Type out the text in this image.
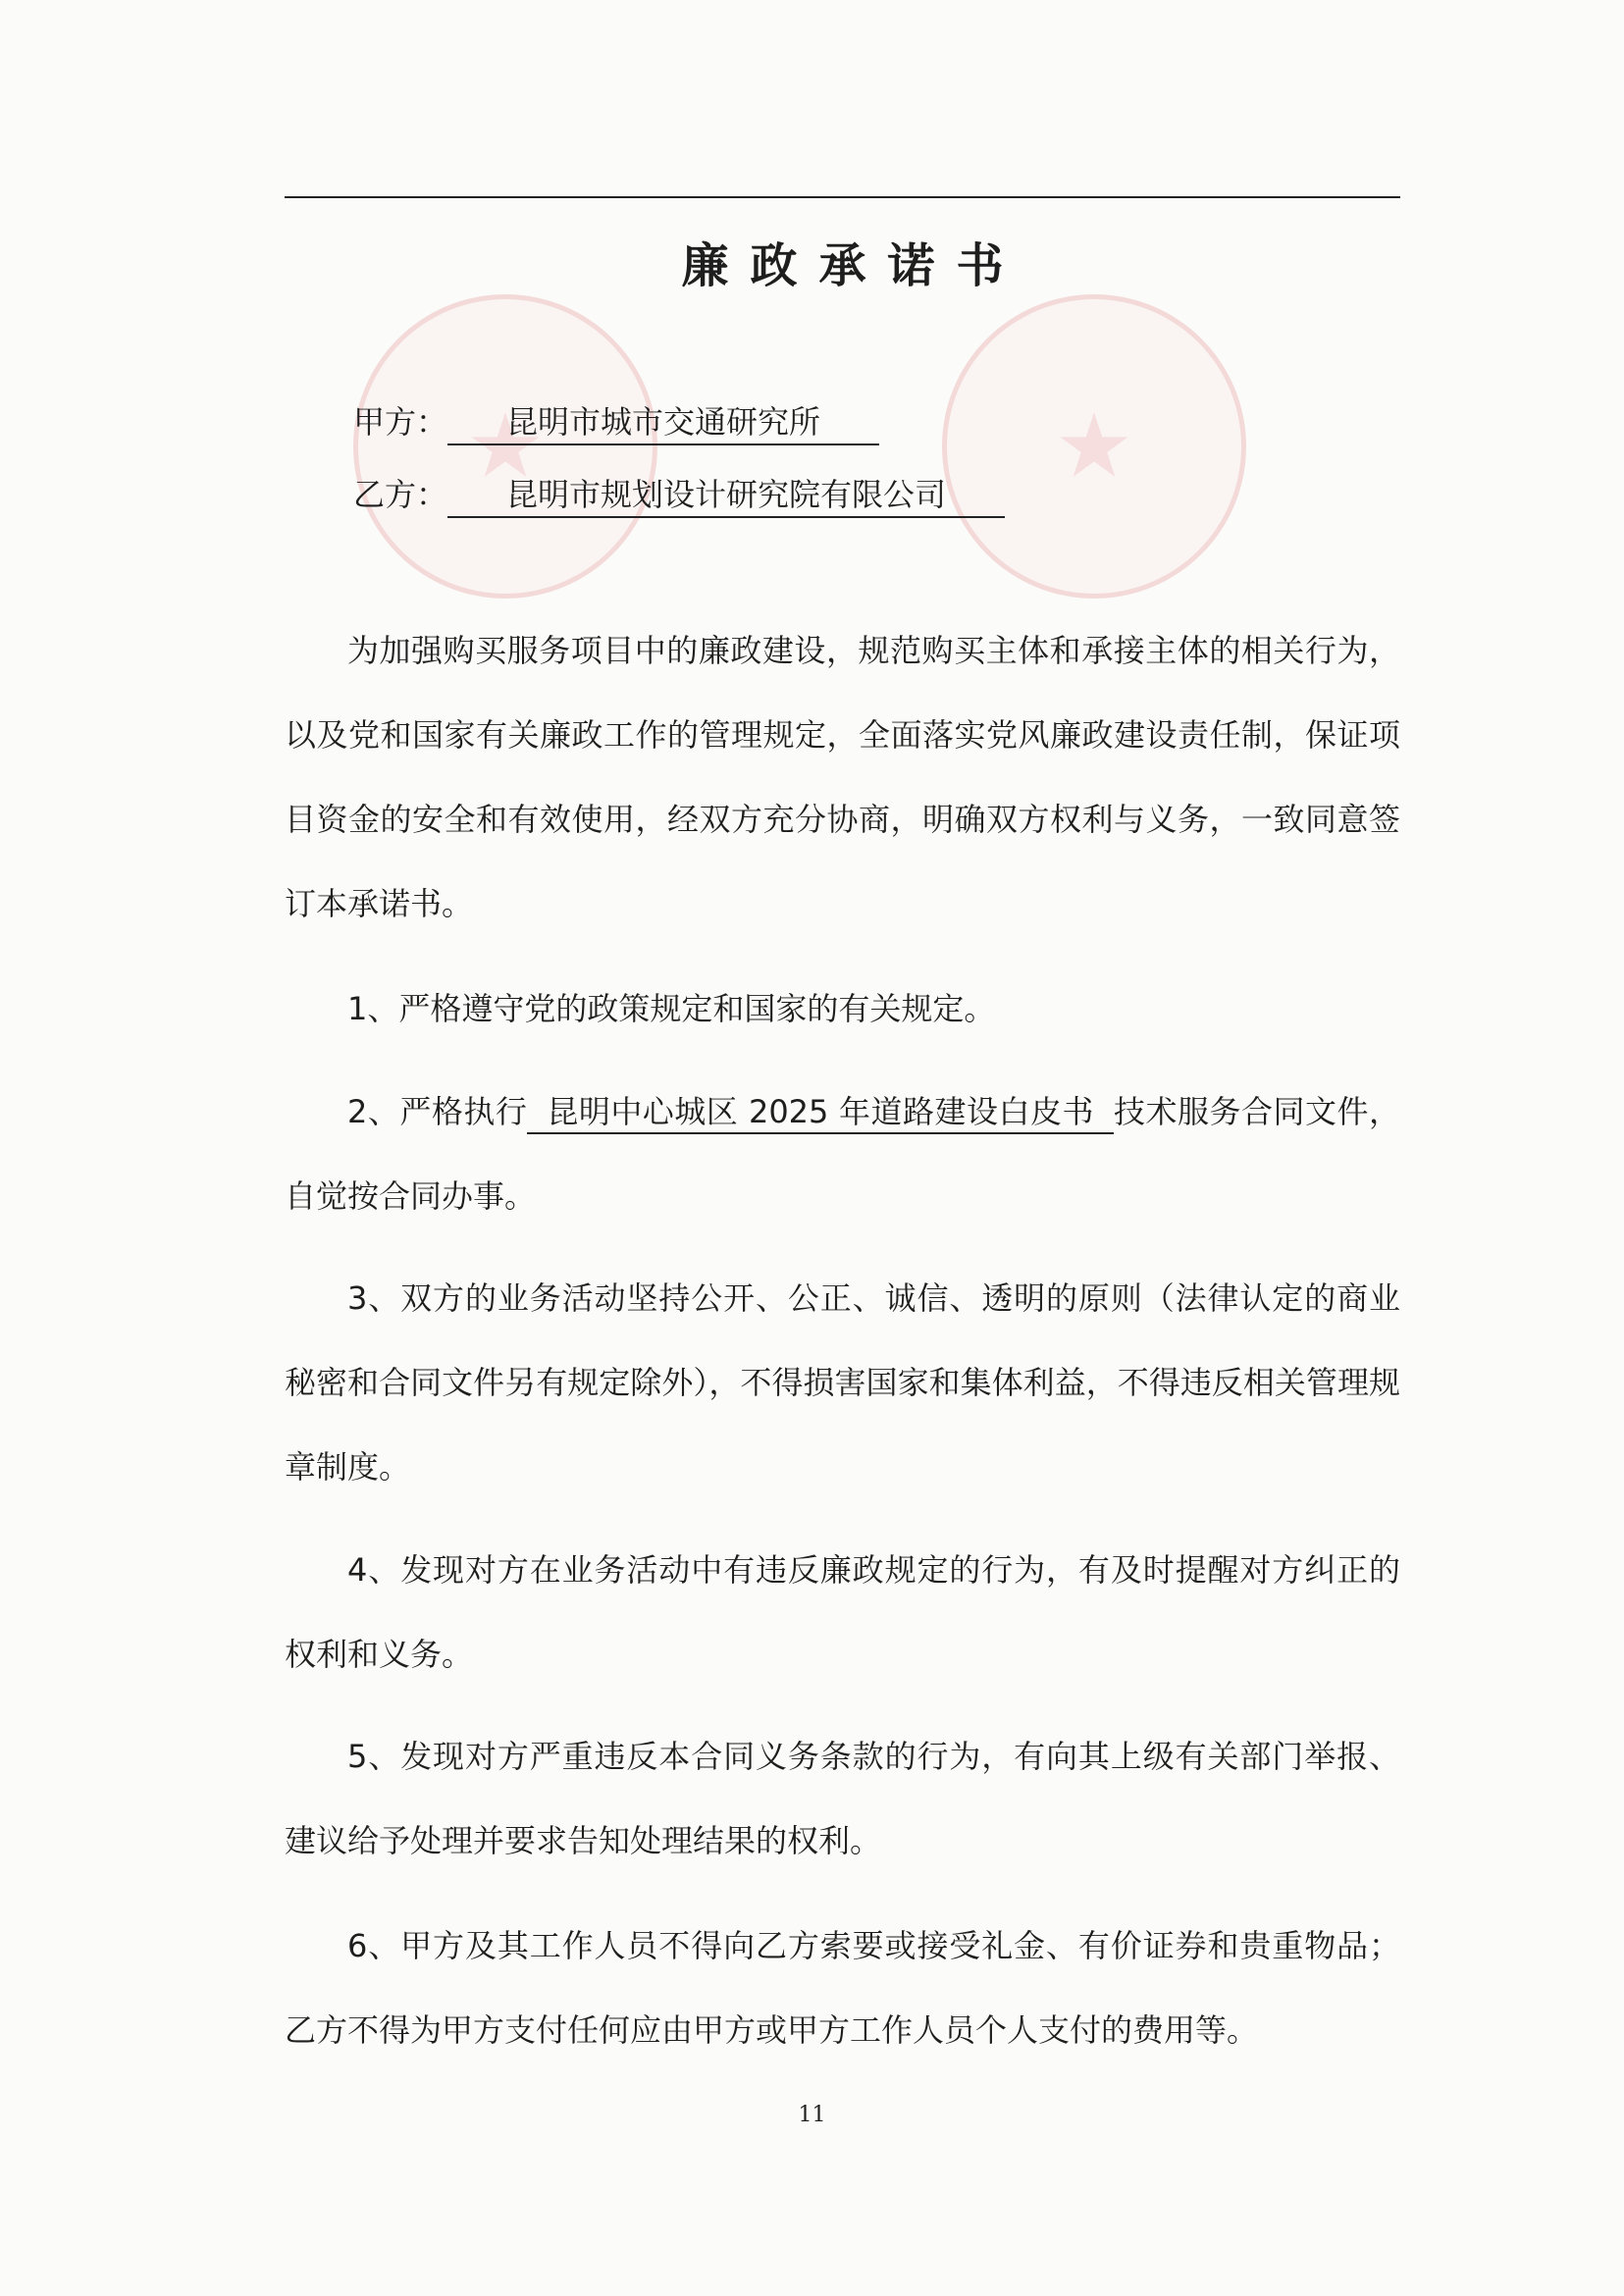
★	★
廉政承诺书
甲方： 昆明市城市交通研究所
乙方： 昆明市规划设计研究院有限公司

为加强购买服务项目中的廉政建设，规范购买主体和承接主体的相关行为，以及党和国家有关廉政工作的管理规定，全面落实党风廉政建设责任制，保证项目资金的安全和有效使用，经双方充分协商，明确双方权利与义务，一致同意签订本承诺书。

1、严格遵守党的政策规定和国家的有关规定。

2、严格执行 昆明中心城区 2025 年道路建设白皮书 技术服务合同文件，自觉按合同办事。

3、双方的业务活动坚持公开、公正、诚信、透明的原则（法律认定的商业秘密和合同文件另有规定除外），不得损害国家和集体利益，不得违反相关管理规章制度。

4、发现对方在业务活动中有违反廉政规定的行为，有及时提醒对方纠正的权利和义务。

5、发现对方严重违反本合同义务条款的行为，有向其上级有关部门举报、建议给予处理并要求告知处理结果的权利。

6、甲方及其工作人员不得向乙方索要或接受礼金、有价证券和贵重物品；乙方不得为甲方支付任何应由甲方或甲方工作人员个人支付的费用等。

11
